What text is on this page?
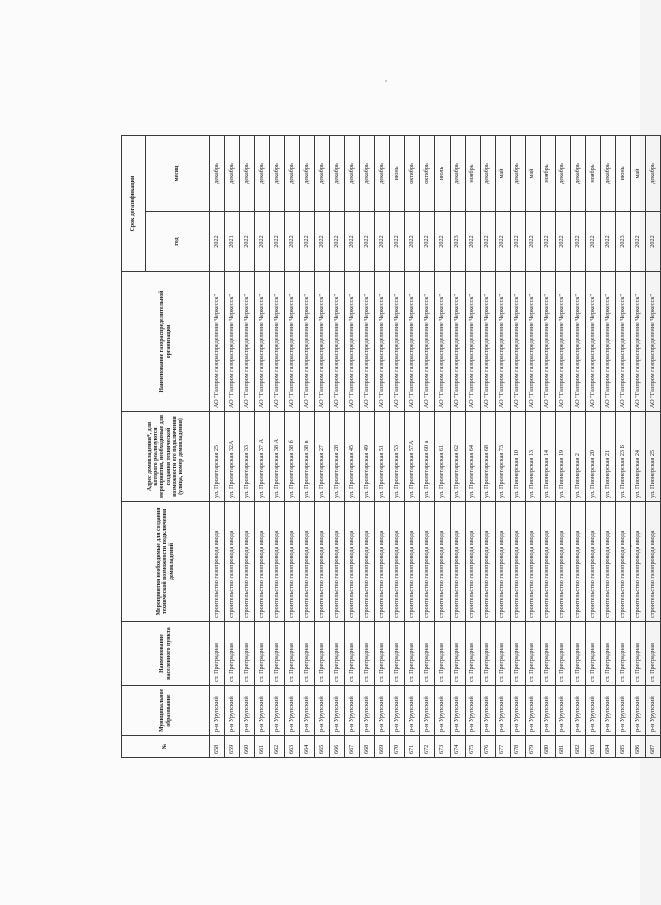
№	Муниципальное образование	Наименование населенного пункта	Мероприятия необходимые для создания технической возможности подключения домовладений	Адрес домовладения*, для которого реализуются мероприятия, необходимые для создания технической возможности его подключения (улица, номер домовладения)	Наименование газораспределительной организации	Срок догазификации	
						год	месяц
658	р-н Урупский	ст. Преградная	строительство газопровода ввода	ул. Пролетарская 25	АО "Газпром газораспределение Черкесск"	2022	декабрь
659	р-н Урупский	ст. Преградная	строительство газопровода ввода	ул. Пролетарская 32А	АО "Газпром газораспределение Черкесск"	2021	декабрь
660	р-н Урупский	ст. Преградная	строительство газопровода ввода	ул. Пролетарская 33	АО "Газпром газораспределение Черкесск"	2022	декабрь
661	р-н Урупский	ст. Преградная	строительство газопровода ввода	ул. Пролетарская 37 А	АО "Газпром газораспределение Черкесск"	2022	декабрь
662	р-н Урупский	ст. Преградная	строительство газопровода ввода	ул. Пролетарская 38 А	АО "Газпром газораспределение Черкесск"	2022	декабрь
663	р-н Урупский	ст. Преградная	строительство газопровода ввода	ул. Пролетарская 38 б	АО "Газпром газораспределение Черкесск"	2022	декабрь
664	р-н Урупский	ст. Преградная	строительство газопровода ввода	ул. Пролетарская 38 в	АО "Газпром газораспределение Черкесск"	2022	декабрь
665	р-н Урупский	ст. Преградная	строительство газопровода ввода	ул. Пролетарская 27	АО "Газпром газораспределение Черкесск"	2022	декабрь
666	р-н Урупский	ст. Преградная	строительство газопровода ввода	ул. Пролетарская 28	АО "Газпром газораспределение Черкесск"	2022	декабрь
667	р-н Урупский	ст. Преградная	строительство газопровода ввода	ул. Пролетарская 45	АО "Газпром газораспределение Черкесск"	2022	декабрь
668	р-н Урупский	ст. Преградная	строительство газопровода ввода	ул. Пролетарская 49	АО "Газпром газораспределение Черкесск"	2022	декабрь
669	р-н Урупский	ст. Преградная	строительство газопровода ввода	ул. Пролетарская 51	АО "Газпром газораспределение Черкесск"	2022	декабрь
670	р-н Урупский	ст. Преградная	строительство газопровода ввода	ул. Пролетарская 53	АО "Газпром газораспределение Черкесск"	2022	июнь
671	р-н Урупский	ст. Преградная	строительство газопровода ввода	ул. Пролетарская 57А	АО "Газпром газораспределение Черкесск"	2022	октябрь
672	р-н Урупский	ст. Преградная	строительство газопровода ввода	ул. Пролетарская 60 а	АО "Газпром газораспределение Черкесск"	2022	октябрь
673	р-н Урупский	ст. Преградная	строительство газопровода ввода	ул. Пролетарская 61	АО "Газпром газораспределение Черкесск"	2022	июль
674	р-н Урупский	ст. Преградная	строительство газопровода ввода	ул. Пролетарская 62	АО "Газпром газораспределение Черкесск"	2023	декабрь
675	р-н Урупский	ст. Преградная	строительство газопровода ввода	ул. Пролетарская 64	АО "Газпром газораспределение Черкесск"	2022	ноябрь
676	р-н Урупский	ст. Преградная	строительство газопровода ввода	ул. Пролетарская 68	АО "Газпром газораспределение Черкесск"	2022	декабрь
677	р-н Урупский	ст. Преградная	строительство газопровода ввода	ул. Пролетарская 73	АО "Газпром газораспределение Черкесск"	2022	май
678	р-н Урупский	ст. Преградная	строительство газопровода ввода	ул. Пионерская 10	АО "Газпром газораспределение Черкесск"	2022	декабрь
679	р-н Урупский	ст. Преградная	строительство газопровода ввода	ул. Пионерская 13	АО "Газпром газораспределение Черкесск"	2022	май
680	р-н Урупский	ст. Преградная	строительство газопровода ввода	ул. Пионерская 14	АО "Газпром газораспределение Черкесск"	2022	ноябрь
681	р-н Урупский	ст. Преградная	строительство газопровода ввода	ул. Пионерская 19	АО "Газпром газораспределение Черкесск"	2022	декабрь
682	р-н Урупский	ст. Преградная	строительство газопровода ввода	ул. Пионерская 2	АО "Газпром газораспределение Черкесск"	2022	декабрь
683	р-н Урупский	ст. Преградная	строительство газопровода ввода	ул. Пионерская 20	АО "Газпром газораспределение Черкесск"	2022	ноябрь
684	р-н Урупский	ст. Преградная	строительство газопровода ввода	ул. Пионерская 21	АО "Газпром газораспределение Черкесск"	2022	декабрь
685	р-н Урупский	ст. Преградная	строительство газопровода ввода	ул. Пионерская 23 Б	АО "Газпром газораспределение Черкесск"	2023	июнь
686	р-н Урупский	ст. Преградная	строительство газопровода ввода	ул. Пионерская 24	АО "Газпром газораспределение Черкесск"	2022	май
687	р-н Урупский	ст. Преградная	строительство газопровода ввода	ул. Пионерская 25	АО "Газпром газораспределение Черкесск"	2022	декабрь
